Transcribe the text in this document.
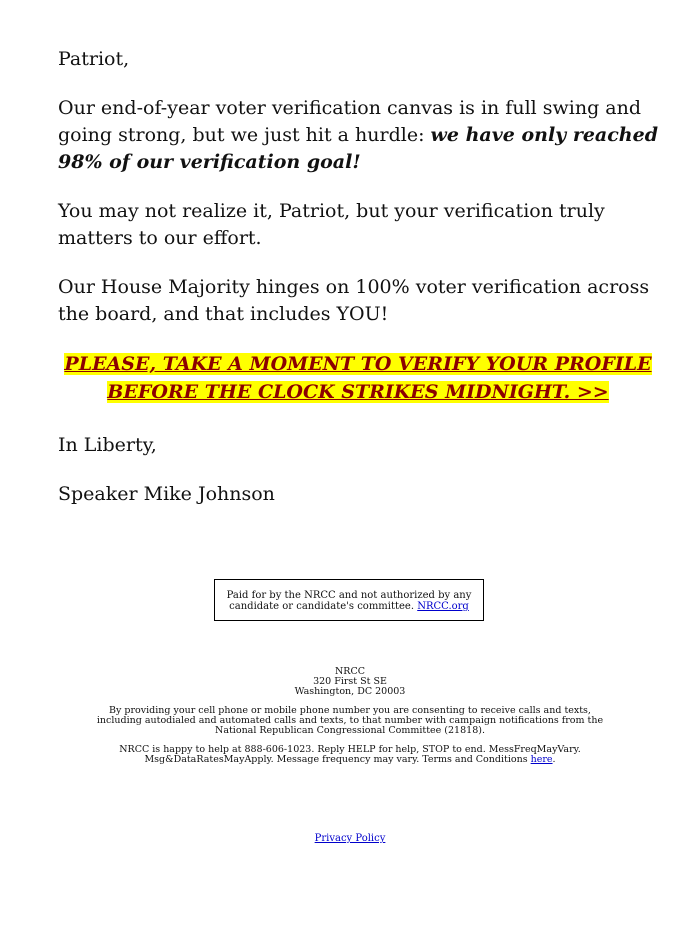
Patriot,

Our end-of-year voter verification canvas is in full swing and going strong, but we just hit a hurdle: we have only reached 98% of our verification goal!

You may not realize it, Patriot, but your verification truly matters to our effort.

Our House Majority hinges on 100% voter verification across the board, and that includes YOU!

PLEASE, TAKE A MOMENT TO VERIFY YOUR PROFILE BEFORE THE CLOCK STRIKES MIDNIGHT. >>

In Liberty,

Speaker Mike Johnson

Paid for by the NRCC and not authorized by any candidate or candidate's committee. NRCC.org
NRCC
320 First St SE
Washington, DC 20003
By providing your cell phone or mobile phone number you are consenting to receive calls and texts, including autodialed and automated calls and texts, to that number with campaign notifications from the National Republican Congressional Committee (21818).
NRCC is happy to help at 888-606-1023. Reply HELP for help, STOP to end. MessFreqMayVary. Msg&DataRatesMayApply. Message frequency may vary. Terms and Conditions here.
Privacy Policy
